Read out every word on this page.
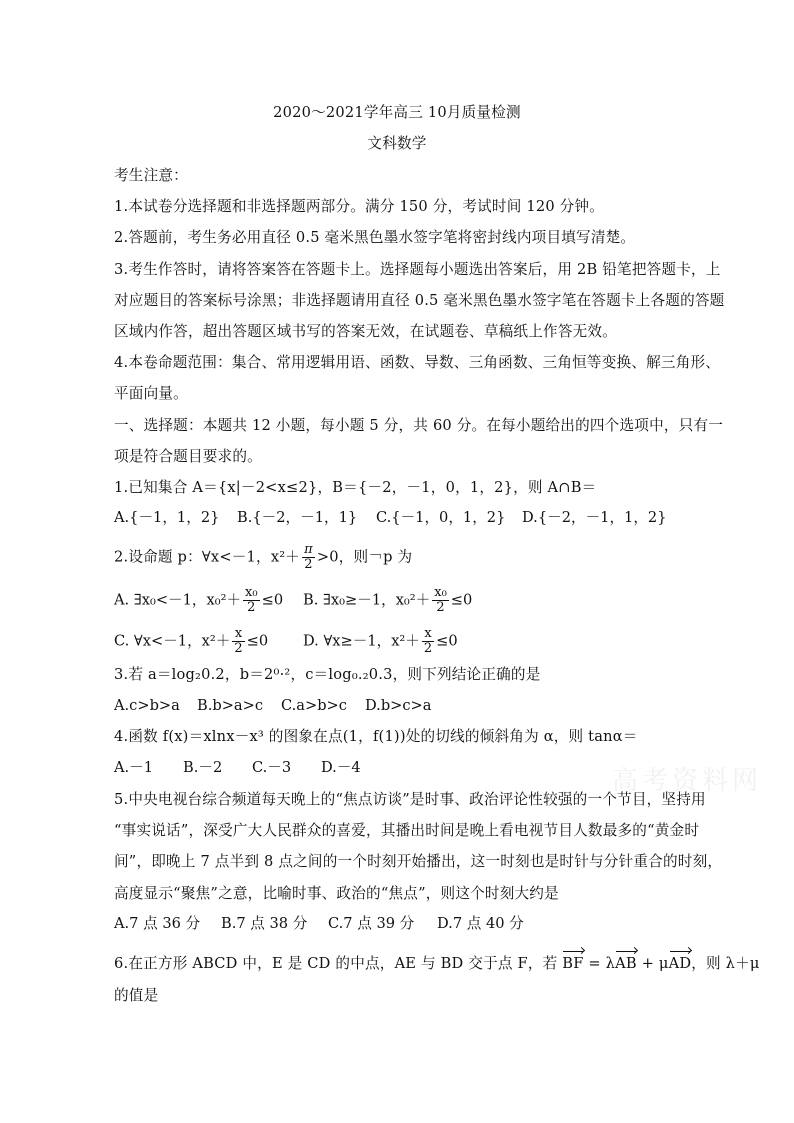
2020～2021学年高三 10月质量检测
文科数学
考生注意：
1.本试卷分选择题和非选择题两部分。满分 150 分，考试时间 120 分钟。
2.答题前，考生务必用直径 0.5 毫米黑色墨水签字笔将密封线内项目填写清楚。
3.考生作答时，请将答案答在答题卡上。选择题每小题选出答案后，用 2B 铅笔把答题卡，上
对应题目的答案标号涂黑；非选择题请用直径 0.5 毫米黑色墨水签字笔在答题卡上各题的答题
区域内作答，超出答题区域书写的答案无效，在试题卷、草稿纸上作答无效。
4.本卷命题范围：集合、常用逻辑用语、函数、导数、三角函数、三角恒等变换、解三角形、
平面向量。
一、选择题：本题共 12 小题，每小题 5 分，共 60 分。在每小题给出的四个选项中，只有一
项是符合题目要求的。
1.已知集合 A＝{x|－2<x≤2}，B＝{－2，－1，0，1，2}，则 A∩B＝
A.{－1，1，2} B.{－2，－1，1} C.{－1，0，1，2} D.{－2，－1，1，2}
2.设命题 p：∀x<－1，$x^2+ \frac{\pi}{2} >0$，则￢p 为
A. ∃x₀<－1，$x_0^2+ \frac{\text{x₀}}{2} \le 0$ B. ∃x₀≥－1，$x_0^2+ \frac{\text{x₀}}{2} \le 0$
C. ∀x<－1，$x^2+ \frac{x}{2} \le 0$ D. ∀x≥－1，$x^2+ \frac{x}{2} \le 0$
3.若 a＝log₂0.2，b＝2⁰·²，c＝log₀.₂0.3，则下列结论正确的是
A.c>b>a B.b>a>c C.a>b>c D.b>c>a
4.函数 f(x)＝xlnx－x³ 的图象在点(1，f(1))处的切线的倾斜角为 α，则 tanα＝
A.－1 B.－2 C.－3 D.－4
5.中央电视台综合频道每天晚上的“焦点访谈”是时事、政治评论性较强的一个节目，坚持用
“事实说话”，深受广大人民群众的喜爱，其播出时间是晚上看电视节目人数最多的“黄金时
间”，即晚上 7 点半到 8 点之间的一个时刻开始播出，这一时刻也是时针与分针重合的时刻，
高度显示“聚焦”之意，比喻时事、政治的“焦点”，则这个时刻大约是
A.7 点 36 分 B.7 点 38 分 C.7 点 39 分 D.7 点 40 分
6.在正方形 ABCD 中，E 是 CD 的中点，AE 与 BD 交于点 F，若 BF = λAB + μAD，则 λ＋μ
的值是
高考资料网
